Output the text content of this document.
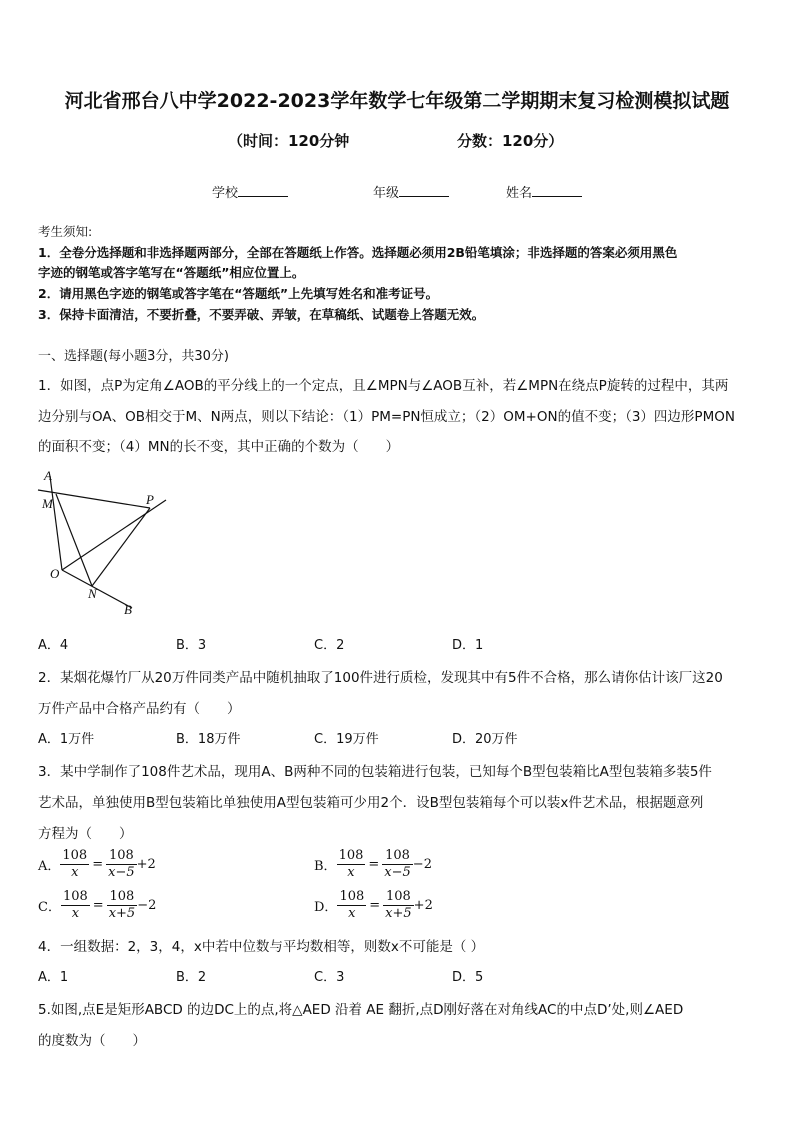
河北省邢台八中学2022-2023学年数学七年级第二学期期末复习检测模拟试题
（时间：120分钟	分数：120分）
学校	年级	姓名
考生须知:
1．全卷分选择题和非选择题两部分，全部在答题纸上作答。选择题必须用2B铅笔填涂；非选择题的答案必须用黑色
字迹的钢笔或答字笔写在“答题纸”相应位置上。
2．请用黑色字迹的钢笔或答字笔在“答题纸”上先填写姓名和准考证号。
3．保持卡面清洁，不要折叠，不要弄破、弄皱，在草稿纸、试题卷上答题无效。
一、选择题(每小题3分，共30分)
1．如图，点P为定角∠AOB的平分线上的一个定点，且∠MPN与∠AOB互补，若∠MPN在绕点P旋转的过程中，其两
边分别与OA、OB相交于M、N两点，则以下结论：（1）PM=PN恒成立；（2）OM+ON的值不变；（3）四边形PMON
的面积不变；（4）MN的长不变，其中正确的个数为（　　）
A
M	P
O
N
B
A．4	B．3	C．2	D．1
2．某烟花爆竹厂从20万件同类产品中随机抽取了100件进行质检，发现其中有5件不合格，那么请你估计该厂这20
万件产品中合格产品约有（　　）
A．1万件	B．18万件	C．19万件	D．20万件
3．某中学制作了108件艺术品，现用A、B两种不同的包装箱进行包装，已知每个B型包装箱比A型包装箱多装5件
艺术品，单独使用B型包装箱比单独使用A型包装箱可少用2个．设B型包装箱每个可以装x件艺术品，根据题意列
方程为（　　）
A． $\frac{108}{x} = \frac{108}{x-5} +2$	B． $\frac{108}{x} = \frac{108}{x-5} -2$
C． $\frac{108}{x} = \frac{108}{x+5} -2$	D． $\frac{108}{x} = \frac{108}{x+5} +2$
4．一组数据：2，3，4，x中若中位数与平均数相等，则数x不可能是（ ）
A．1	B．2	C．3	D．5
5.如图,点E是矩形ABCD 的边DC上的点,将△AED 沿着 AE 翻折,点D刚好落在对角线AC的中点D’处,则∠AED
的度数为（　　）
